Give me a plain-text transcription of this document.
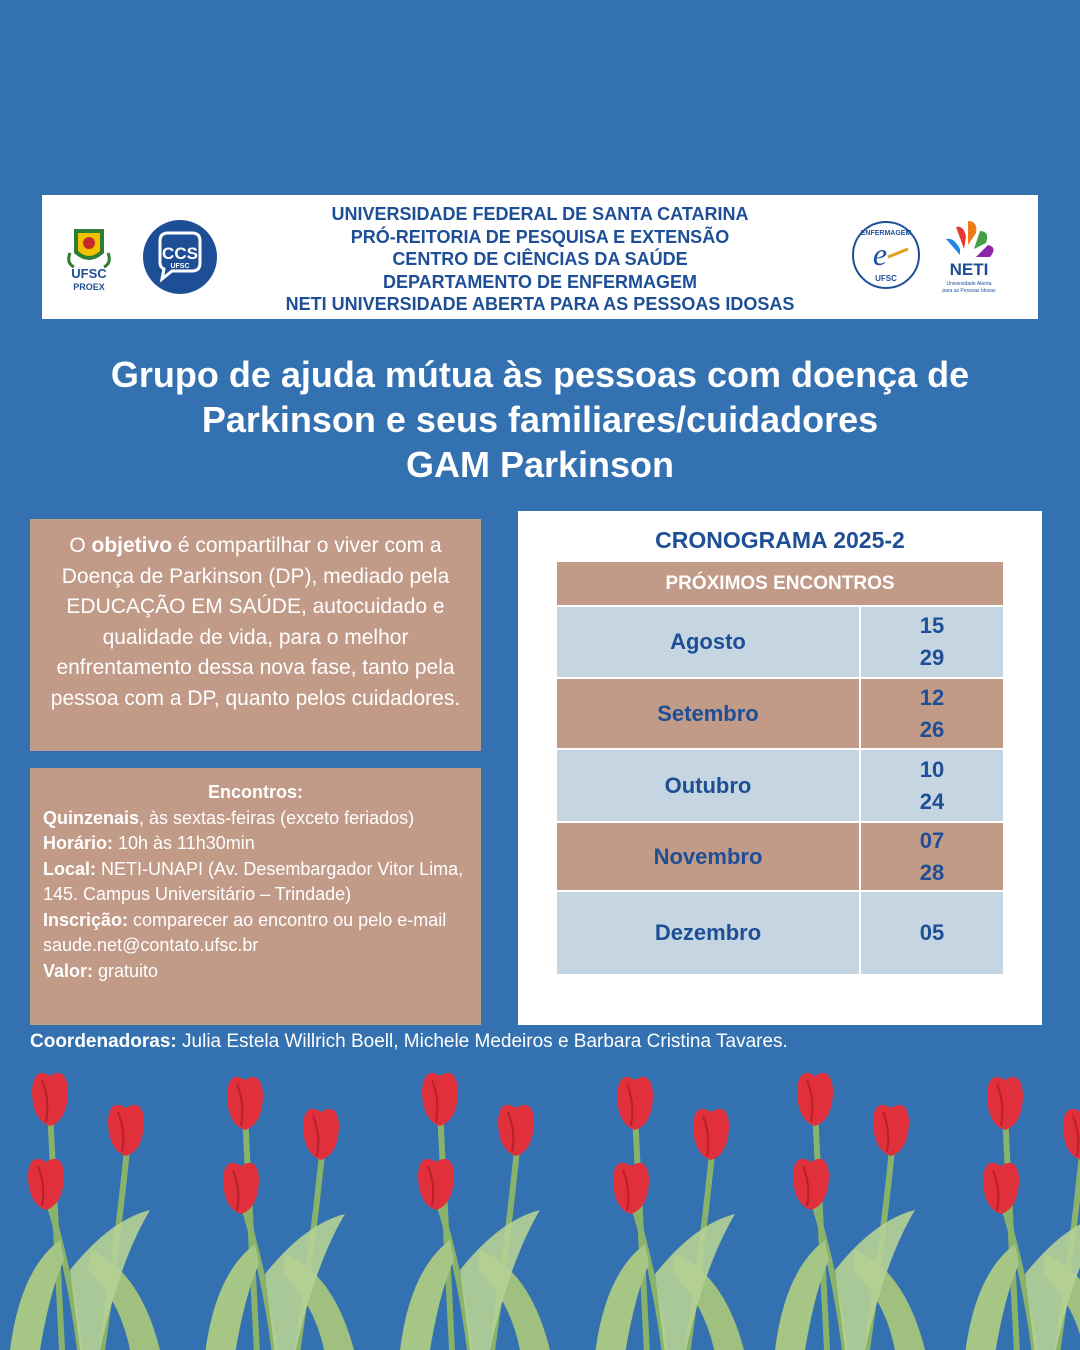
UFSC
PROEX
CCS
UFSC
UNIVERSIDADE FEDERAL DE SANTA CATARINA
PRÓ-REITORIA DE PESQUISA E EXTENSÃO
CENTRO DE CIÊNCIAS DA SAÚDE
DEPARTAMENTO DE ENFERMAGEM
NETI UNIVERSIDADE ABERTA PARA AS PESSOAS IDOSAS
ENFERMAGEM
e
UFSC	NETI
Universidade Aberta
para as Pessoas Idosas
Grupo de ajuda mútua às pessoas com doença de
Parkinson e seus familiares/cuidadores
GAM Parkinson
O objetivo é compartilhar o viver com a Doença de Parkinson (DP), mediado pela EDUCAÇÃO EM SAÚDE, autocuidado e qualidade de vida, para o melhor enfrentamento dessa nova fase, tanto pela pessoa com a DP, quanto pelos cuidadores.
Encontros:
Quinzenais, às sextas-feiras (exceto feriados)
Horário: 10h às 11h30min
Local: NETI-UNAPI (Av. Desembargador Vitor Lima, 145. Campus Universitário – Trindade)
Inscrição: comparecer ao encontro ou pelo e-mail saude.net@contato.ufsc.br
Valor: gratuito
CRONOGRAMA 2025-2
PRÓXIMOS ENCONTROS
Agosto
15
29
Setembro
12
26
Outubro
10
24
Novembro
07
28
Dezembro	05
Coordenadoras: Julia Estela Willrich Boell, Michele Medeiros e Barbara Cristina Tavares.
